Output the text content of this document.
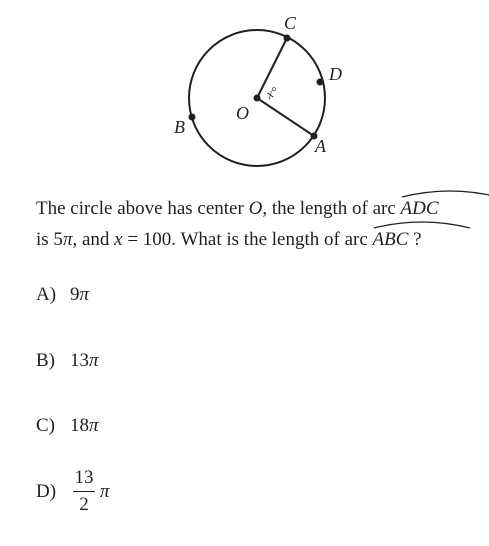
C
D
O
B
A
x°
The circle above has center O, the length of arc
ADC
is 5π, and x = 100. What is the length of arc
ABC ?
A) 9π
B) 13π
C) 18π
D)
13
2
π
